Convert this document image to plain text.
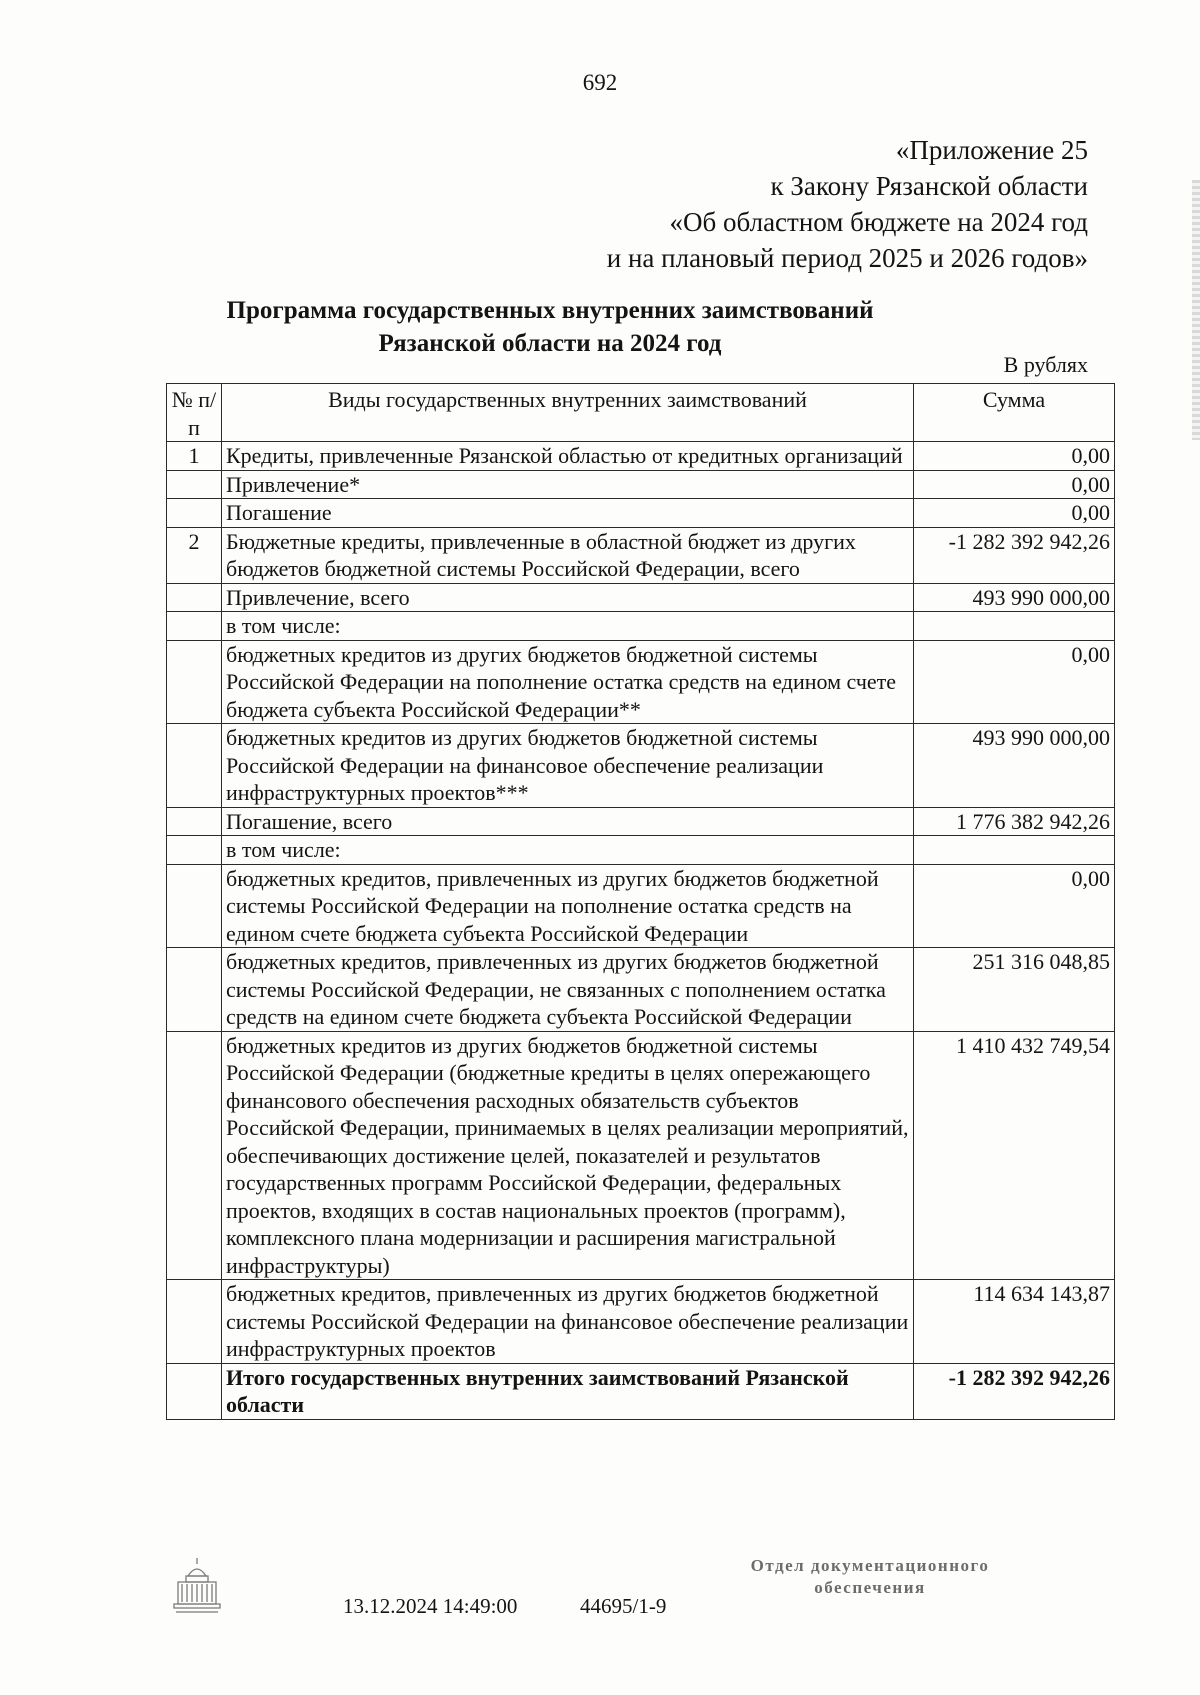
692
«Приложение 25
к Закону Рязанской области
«Об областном бюджете на 2024 год
и на плановый период 2025 и 2026 годов»
Программа государственных внутренних заимствований
Рязанской области на 2024 год
В рублях
№ п/п	Виды государственных внутренних заимствований	Сумма
1	Кредиты, привлеченные Рязанской областью от кредитных организаций	0,00
	Привлечение*	0,00
	Погашение	0,00
2	Бюджетные кредиты, привлеченные в областной бюджет из других бюджетов бюджетной системы Российской Федерации, всего	-1 282 392 942,26
	Привлечение, всего	493 990 000,00
	в том числе:	
	бюджетных кредитов из других бюджетов бюджетной системы Российской Федерации на пополнение остатка средств на едином счете бюджета субъекта Российской Федерации**	0,00
	бюджетных кредитов из других бюджетов бюджетной системы Российской Федерации на финансовое обеспечение реализации инфраструктурных проектов***	493 990 000,00
	Погашение, всего	1 776 382 942,26
	в том числе:	
	бюджетных кредитов, привлеченных из других бюджетов бюджетной системы Российской Федерации на пополнение остатка средств на едином счете бюджета субъекта Российской Федерации	0,00
	бюджетных кредитов, привлеченных из других бюджетов бюджетной системы Российской Федерации, не связанных с пополнением остатка средств на едином счете бюджета субъекта Российской Федерации	251 316 048,85
	бюджетных кредитов из других бюджетов бюджетной системы Российской Федерации (бюджетные кредиты в целях опережающего финансового обеспечения расходных обязательств субъектов Российской Федерации, принимаемых в целях реализации мероприятий, обеспечивающих достижение целей, показателей и результатов государственных программ Российской Федерации, федеральных проектов, входящих в состав национальных проектов (программ), комплексного плана модернизации и расширения магистральной инфраструктуры)	1 410 432 749,54
	бюджетных кредитов, привлеченных из других бюджетов бюджетной системы Российской Федерации на финансовое обеспечение реализации инфраструктурных проектов	114 634 143,87
	Итого государственных внутренних заимствований Рязанской области	-1 282 392 942,26
13.12.2024 14:49:00	44695/1-9
Отдел документационного
обеспечения
